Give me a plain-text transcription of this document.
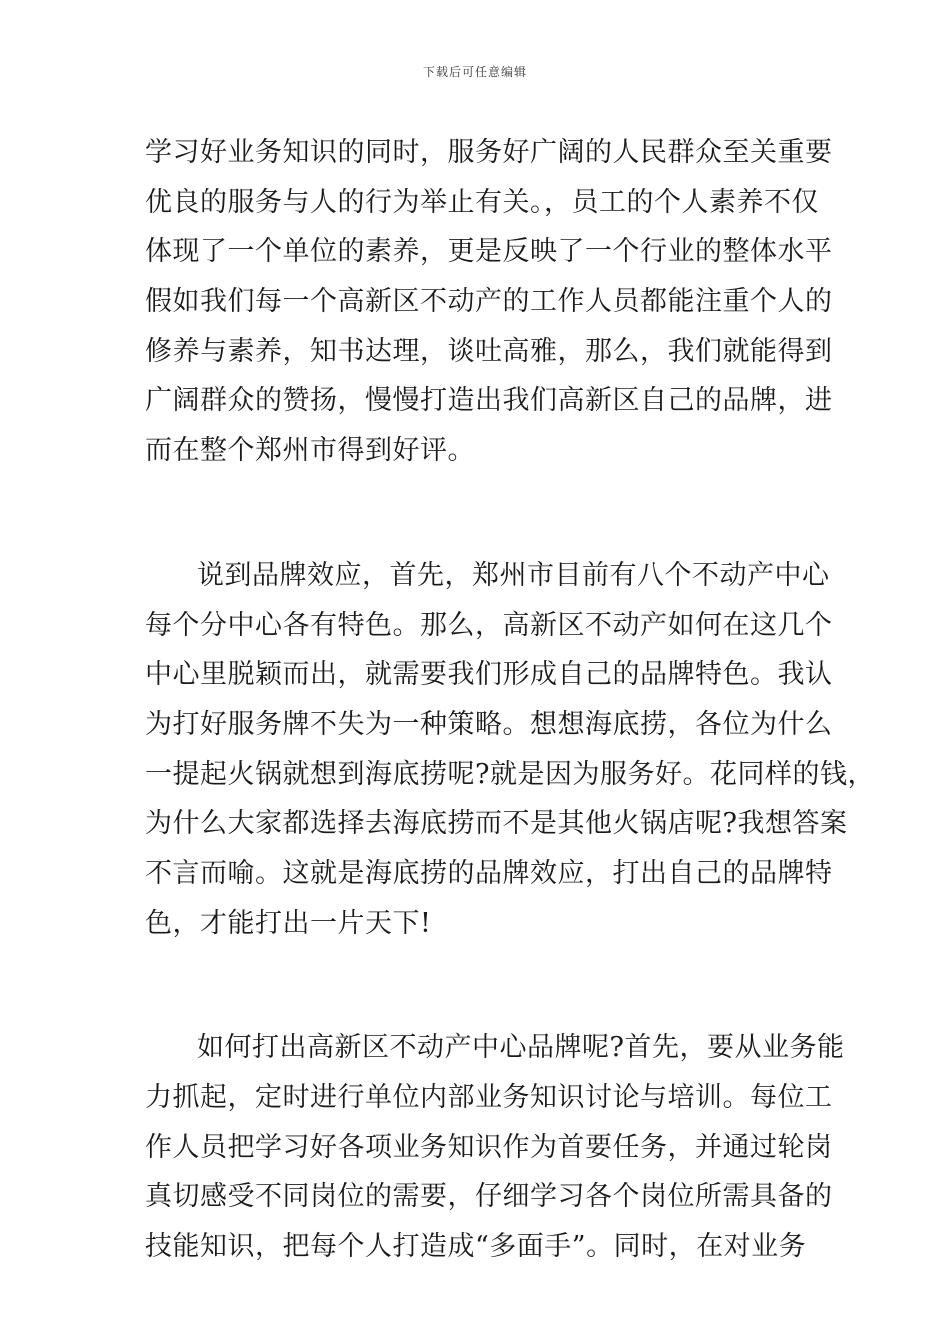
下载后可任意编辑
学习好业务知识的同时，服务好广阔的人民群众至关重要
优良的服务与人的行为举止有关。，员工的个人素养不仅
体现了一个单位的素养，更是反映了一个行业的整体水平
假如我们每一个高新区不动产的工作人员都能注重个人的
修养与素养，知书达理，谈吐高雅，那么，我们就能得到
广阔群众的赞扬，慢慢打造出我们高新区自己的品牌，进
而在整个郑州市得到好评。
说到品牌效应，首先，郑州市目前有八个不动产中心
每个分中心各有特色。那么，高新区不动产如何在这几个
中心里脱颖而出，就需要我们形成自己的品牌特色。我认
为打好服务牌不失为一种策略。想想海底捞，各位为什么
一提起火锅就想到海底捞呢?就是因为服务好。花同样的钱，
为什么大家都选择去海底捞而不是其他火锅店呢?我想答案
不言而喻。这就是海底捞的品牌效应，打出自己的品牌特
色，才能打出一片天下!
如何打出高新区不动产中心品牌呢?首先，要从业务能
力抓起，定时进行单位内部业务知识讨论与培训。每位工
作人员把学习好各项业务知识作为首要任务，并通过轮岗
真切感受不同岗位的需要，仔细学习各个岗位所需具备的
技能知识，把每个人打造成“多面手”。同时，在对业务
